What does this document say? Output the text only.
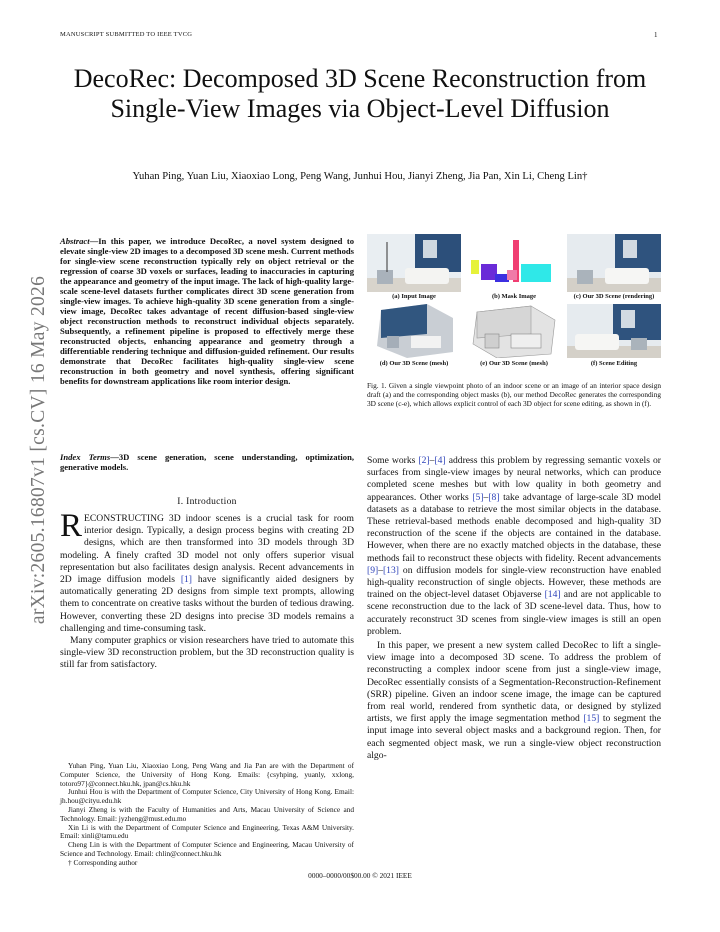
MANUSCRIPT SUBMITTED TO IEEE TVCG	1
arXiv:2605.16807v1 [cs.CV] 16 May 2026
DecoRec: Decomposed 3D Scene Reconstruction from Single-View Images via Object-Level Diffusion
Yuhan Ping, Yuan Liu, Xiaoxiao Long, Peng Wang, Junhui Hou, Jianyi Zheng, Jia Pan, Xin Li, Cheng Lin†
Abstract—In this paper, we introduce DecoRec, a novel system designed to elevate single-view 2D images to a decomposed 3D scene mesh. Current methods for single-view scene reconstruction typically rely on object retrieval or the regression of coarse 3D voxels or surfaces, leading to inaccuracies in capturing the appearance and geometry of the input image. The lack of high-quality large-scale scene-level datasets further complicates direct 3D scene generation from single-view images. To achieve high-quality 3D scene generation from a single-view image, DecoRec takes advantage of recent diffusion-based single-view object reconstruction methods to reconstruct individual objects separately. Subsequently, a refinement pipeline is proposed to effectively merge these reconstructed objects, enhancing appearance and geometry through a differentiable rendering technique and diffusion-guided refinement. Our results demonstrate that DecoRec facilitates high-quality single-view scene reconstruction in both geometry and novel synthesis, offering significant benefits for downstream applications like room interior design.
Index Terms—3D scene generation, scene understanding, optimization, generative models.
I. Introduction

RECONSTRUCTING 3D indoor scenes is a crucial task for room interior design. Typically, a design process begins with creating 2D designs, which are then transformed into 3D models through 3D modeling. A finely crafted 3D model not only offers superior visual representation but also facilitates design analysis. Recent advancements in 2D image diffusion models [1] have significantly aided designers by automatically generating 2D designs from simple text prompts, allowing them to concentrate on creative tasks without the burden of tedious drawing. However, converting these 2D designs into precise 3D models remains a challenging and time-consuming task.

Many computer graphics or vision researchers have tried to automate this single-view 3D reconstruction problem, but the 3D reconstruction quality is still far from satisfactory.

Yuhan Ping, Yuan Liu, Xiaoxiao Long, Peng Wang and Jia Pan are with the Department of Computer Science, the University of Hong Kong. Emails: {csyhping, yuanly, xxlong, totoro97}@connect.hku.hk, jpan@cs.hku.hk

Junhui Hou is with the Department of Computer Science, City University of Hong Kong. Email: jh.hou@cityu.edu.hk

Jianyi Zheng is with the Faculty of Humanities and Arts, Macau University of Science and Technology. Email: jyzheng@must.edu.mo

Xin Li is with the Department of Computer Science and Engineering, Texas A&M University. Email: xinli@tamu.edu

Cheng Lin is with the Department of Computer Science and Engineering, Macau University of Science and Technology. Email: chlin@connect.hku.hk

† Corresponding author

(a) Input Image	(b) Mask Image	(c) Our 3D Scene (rendering)
(d) Our 3D Scene (mesh)	(e) Our 3D Scene (mesh)	(f) Scene Editing
Fig. 1. Given a single viewpoint photo of an indoor scene or an image of an interior space design draft (a) and the corresponding object masks (b), our method DecoRec generates the corresponding 3D scene (c-e), which allows explicit control of each 3D object for scene editing, as shown in (f).

Some works [2]–[4] address this problem by regressing semantic voxels or surfaces from single-view images by neural networks, which can produce completed scene meshes but with low quality in both geometry and appearances. Other works [5]–[8] take advantage of large-scale 3D model datasets as a database to retrieve the most similar objects in the database. These retrieval-based methods enable decomposed and high-quality 3D reconstruction of the scene if the objects are contained in the database. However, when there are no exactly matched objects in the database, these methods fail to reconstruct these objects with fidelity. Recent advancements [9]–[13] on diffusion models for single-view reconstruction have enabled high-quality reconstruction of single objects. However, these methods are trained on the object-level dataset Objaverse [14] and are not applicable to scene reconstruction due to the lack of 3D scene-level data. Thus, how to accurately reconstruct 3D scenes from single-view images is still an open problem.

In this paper, we present a new system called DecoRec to lift a single-view image into a decomposed 3D scene. To address the problem of reconstructing a complex indoor scene from just a single-view image, DecoRec essentially consists of a Segmentation-Reconstruction-Refinement (SRR) pipeline. Given an indoor scene image, the image can be captured from real world, rendered from synthetic data, or designed by stylized artists, we first apply the image segmentation method [15] to segment the input image into several object masks and a background region. Then, for each segmented object mask, we run a single-view object reconstruction algo-

0000–0000/00$00.00 © 2021 IEEE
